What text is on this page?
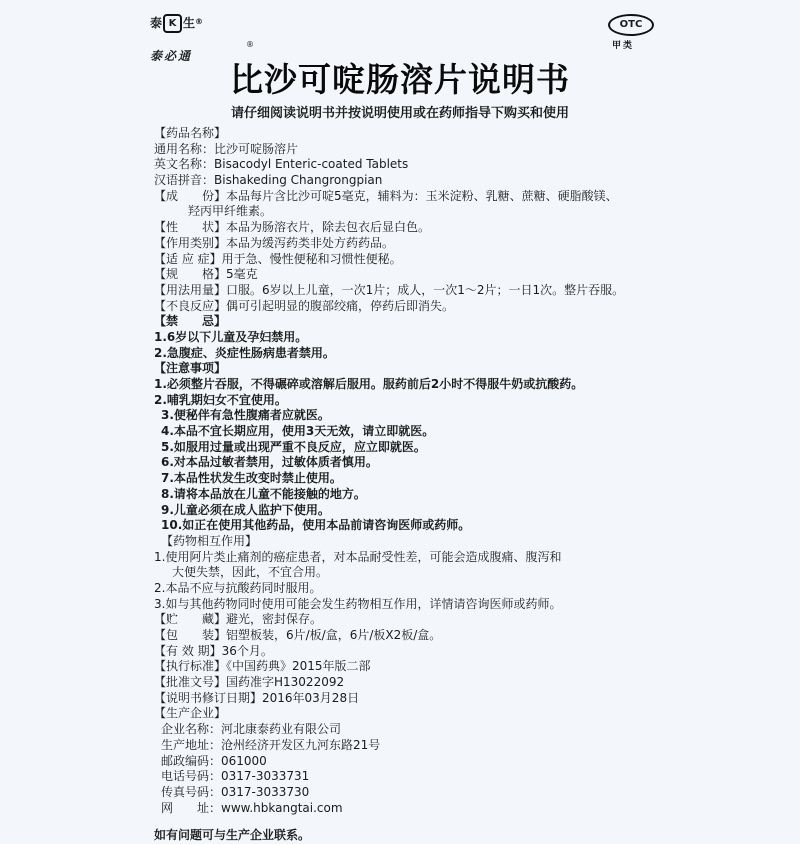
泰 K 生®
泰必通
®
OTC
甲类
比沙可啶肠溶片说明书
请仔细阅读说明书并按说明使用或在药师指导下购买和使用
【药品名称】
通用名称：比沙可啶肠溶片
英文名称：Bisacodyl Enteric-coated Tablets
汉语拼音：Bishakeding Changrongpian
【成　　份】本品每片含比沙可啶5毫克，辅料为：玉米淀粉、乳糖、蔗糖、硬脂酸镁、
羟丙甲纤维素。
【性　　状】本品为肠溶衣片，除去包衣后显白色。
【作用类别】本品为缓泻药类非处方药药品。
【适 应 症】用于急、慢性便秘和习惯性便秘。
【规　　格】5毫克
【用法用量】口服。6岁以上儿童，一次1片；成人，一次1～2片；一日1次。整片吞服。
【不良反应】偶可引起明显的腹部绞痛，停药后即消失。
【禁　　忌】
1.6岁以下儿童及孕妇禁用。
2.急腹症、炎症性肠病患者禁用。
【注意事项】
1.必须整片吞服，不得碾碎或溶解后服用。服药前后2小时不得服牛奶或抗酸药。
2.哺乳期妇女不宜使用。
3.便秘伴有急性腹痛者应就医。
4.本品不宜长期应用，使用3天无效，请立即就医。
5.如服用过量或出现严重不良反应，应立即就医。
6.对本品过敏者禁用，过敏体质者慎用。
7.本品性状发生改变时禁止使用。
8.请将本品放在儿童不能接触的地方。
9.儿童必须在成人监护下使用。
10.如正在使用其他药品，使用本品前请咨询医师或药师。
【药物相互作用】
1.使用阿片类止痛剂的癌症患者，对本品耐受性差，可能会造成腹痛、腹泻和
大便失禁，因此，不宜合用。
2.本品不应与抗酸药同时服用。
3.如与其他药物同时使用可能会发生药物相互作用，详情请咨询医师或药师。
【贮　　藏】避光，密封保存。
【包　　装】铝塑板装，6片/板/盒，6片/板X2板/盒。
【有 效 期】36个月。
【执行标准】《中国药典》2015年版二部
【批准文号】国药准字H13022092
【说明书修订日期】2016年03月28日
【生产企业】
企业名称：河北康泰药业有限公司
生产地址：沧州经济开发区九河东路21号
邮政编码：061000
电话号码：0317-3033731
传真号码：0317-3033730
网　　址：www.hbkangtai.com
如有问题可与生产企业联系。
